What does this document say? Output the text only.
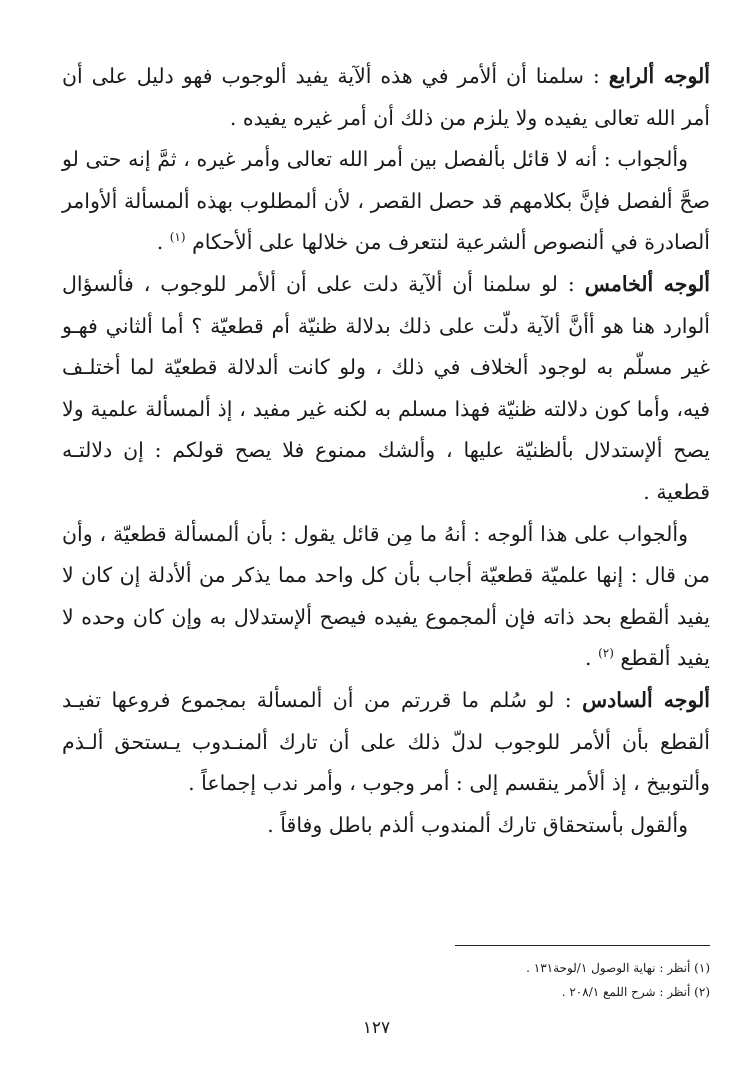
ألوجه ألرابع : سلمنا أن ألأمر في هذه ألآية يفيد ألوجوب فهو دليل على أن أمر الله تعالى يفيده ولا يلزم من ذلك أن أمر غيره يفيده .

وألجواب : أنه لا قائل بألفصل بين أمر الله تعالى وأمر غيره ، ثمَّ إنه حتى لو صحَّ ألفصل فإنَّ بكلامهم قد حصل القصر ، لأن ألمطلوب بهذه ألمسألة ألأوامر ألصادرة في ألنصوص ألشرعية لنتعرف من خلالها على ألأحكام $^{(١)}$ .

ألوجه ألخامس : لو سلمنا أن ألآية دلت على أن ألأمر للوجوب ، فألسؤال ألوارد هنا هو أأنَّ ألآية دلّت على ذلك بدلالة ظنيّة أم قطعيّة ؟ أما ألثاني فهـو غير مسلّم به لوجود ألخلاف في ذلك ، ولو كانت ألدلالة قطعيّة لما أختلـف فيه، وأما كون دلالته ظنيّة فهذا مسلم به لكنه غير مفيد ، إذ ألمسألة علمية ولا يصح ألإستدلال بألظنيّة عليها ، وألشك ممنوع فلا يصح قولكم : إن دلالتـه قطعية .

وألجواب على هذا ألوجه : أنهُ ما مِن قائل يقول : بأن ألمسألة قطعيّة ، وأن من قال : إنها علميّة قطعيّة أجاب بأن كل واحد مما يذكر من ألأدلة إن كان لا يفيد ألقطع بحد ذاته فإن ألمجموع يفيده فيصح ألإستدلال به وإن كان وحده لا يفيد ألقطع $^{(٢)}$ .

ألوجه ألسادس : لو سُلم ما قررتم من أن ألمسألة بمجموع فروعها تفيـد ألقطع بأن ألأمر للوجوب لدلّ ذلك على أن تارك ألمنـدوب يـستحق ألـذم وألتوبيخ ، إذ ألأمر ينقسم إلى : أمر وجوب ، وأمر ندب إجماعاً .

وألقول بأستحقاق تارك ألمندوب ألذم باطل وفاقاً .

(١) أنظر : نهاية الوصول ١/لوحة١٣١ .
(٢) أنظر : شرح اللمع ٢٠٨/١ .
١٢٧
